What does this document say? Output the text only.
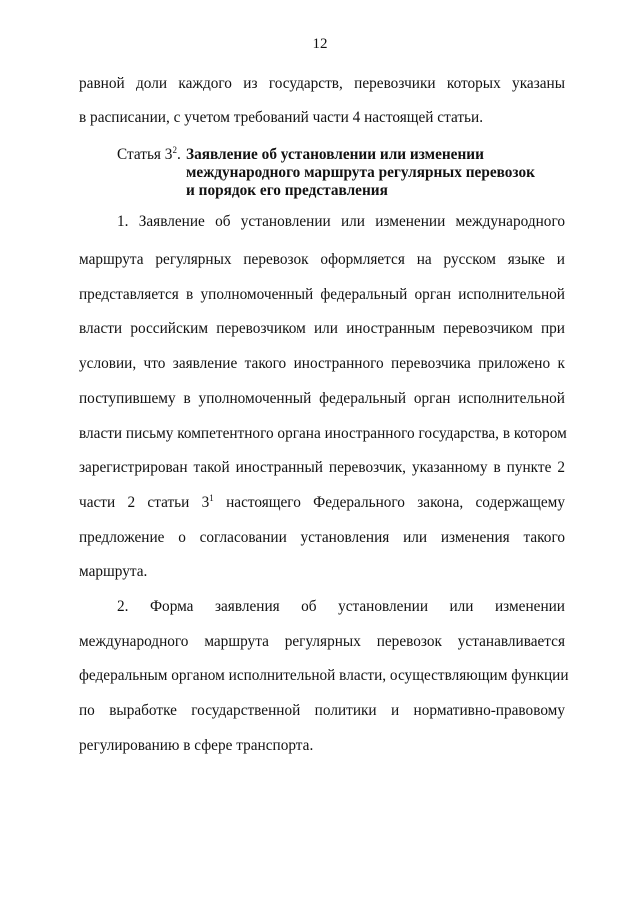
12
равной доли каждого из государств, перевозчики которых указаны
в расписании, с учетом требований части 4 настоящей статьи.
Статья $3^2$. Заявление об установлении или изменении
международного маршрута регулярных перевозок
и порядок его представления
1. Заявление об установлении или изменении международного
маршрута регулярных перевозок оформляется на русском языке и
представляется в уполномоченный федеральный орган исполнительной
власти российским перевозчиком или иностранным перевозчиком при
условии, что заявление такого иностранного перевозчика приложено к
поступившему в уполномоченный федеральный орган исполнительной
власти письму компетентного органа иностранного государства, в котором
зарегистрирован такой иностранный перевозчик, указанному в пункте 2
части 2 статьи $3^1$ настоящего Федерального закона, содержащему
предложение о согласовании установления или изменения такого
маршрута.
2. Форма заявления об установлении или изменении
международного маршрута регулярных перевозок устанавливается
федеральным органом исполнительной власти, осуществляющим функции
по выработке государственной политики и нормативно-правовому
регулированию в сфере транспорта.
